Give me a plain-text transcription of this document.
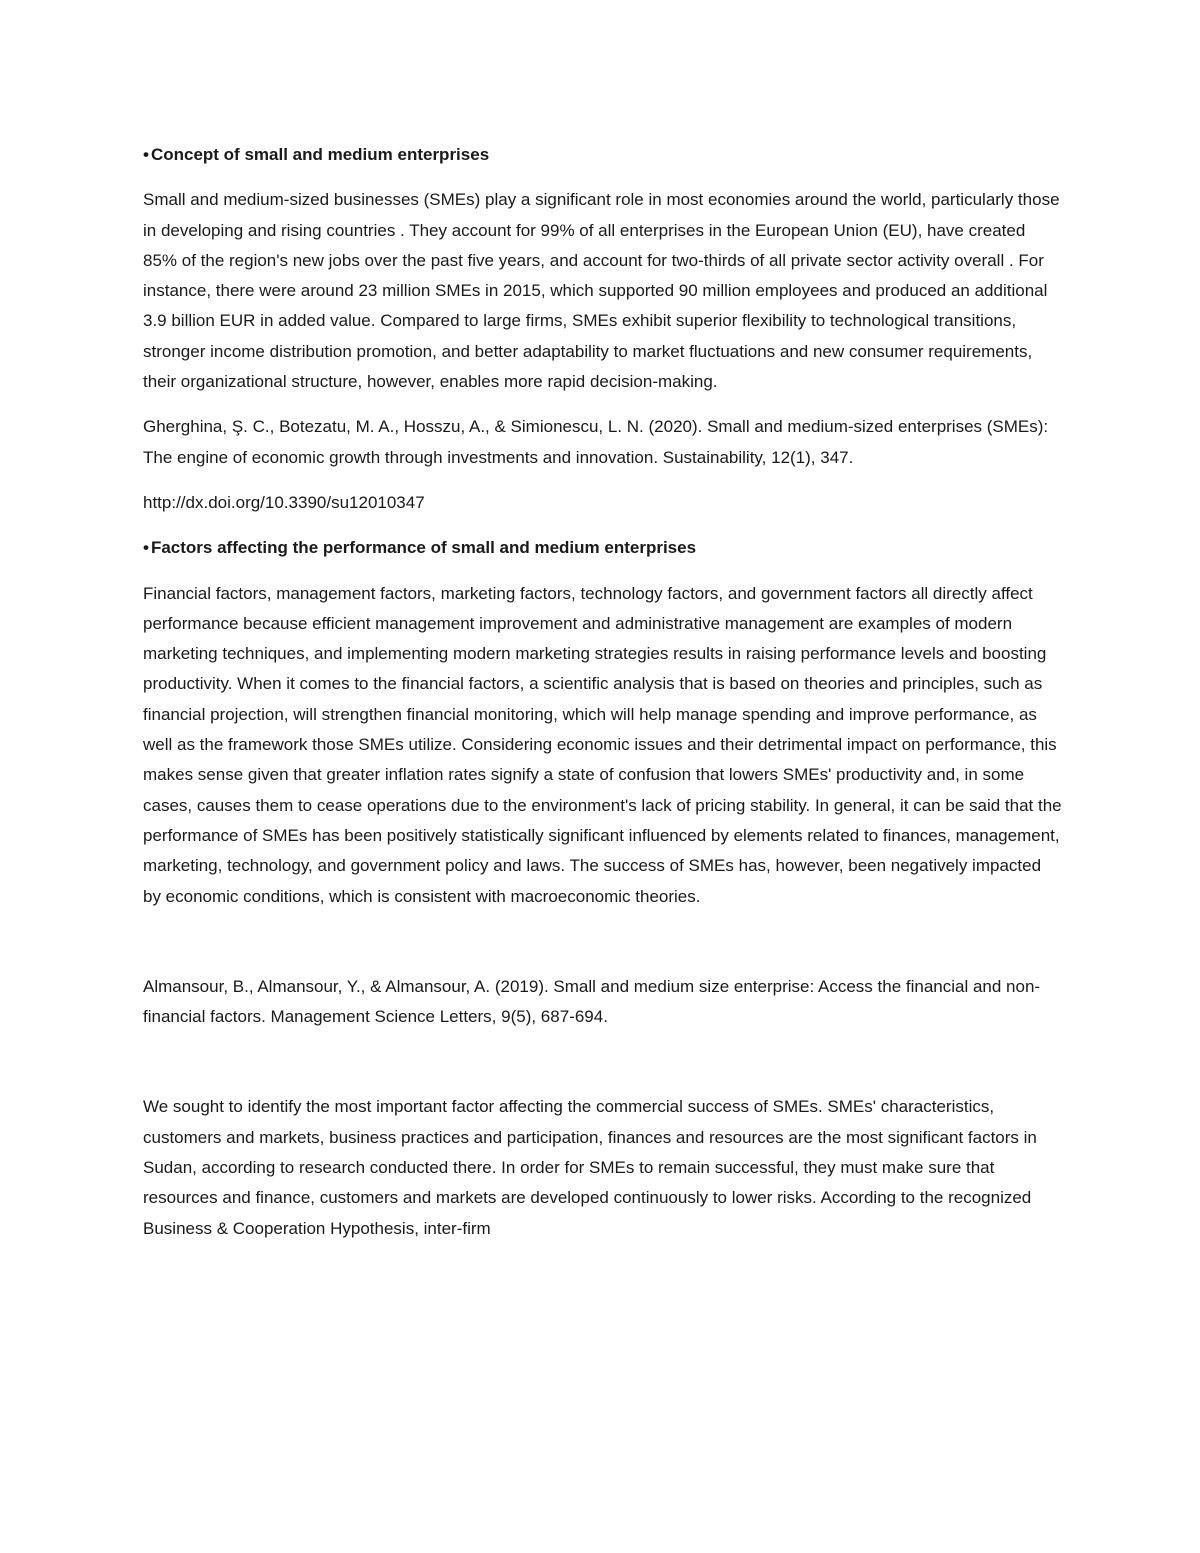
• Concept of small and medium enterprises

Small and medium-sized businesses (SMEs) play a significant role in most economies around the world, particularly those in developing and rising countries . They account for 99% of all enterprises in the European Union (EU), have created 85% of the region's new jobs over the past five years, and account for two-thirds of all private sector activity overall . For instance, there were around 23 million SMEs in 2015, which supported 90 million employees and produced an additional 3.9 billion EUR in added value. Compared to large firms, SMEs exhibit superior flexibility to technological transitions, stronger income distribution promotion, and better adaptability to market fluctuations and new consumer requirements, their organizational structure, however, enables more rapid decision-making.

Gherghina, Ş. C., Botezatu, M. A., Hosszu, A., & Simionescu, L. N. (2020). Small and medium-sized enterprises (SMEs): The engine of economic growth through investments and innovation. Sustainability, 12(1), 347.

http://dx.doi.org/10.3390/su12010347

• Factors affecting the performance of small and medium enterprises

Financial factors, management factors, marketing factors, technology factors, and government factors all directly affect performance because efficient management improvement and administrative management are examples of modern marketing techniques, and implementing modern marketing strategies results in raising performance levels and boosting productivity. When it comes to the financial factors, a scientific analysis that is based on theories and principles, such as financial projection, will strengthen financial monitoring, which will help manage spending and improve performance, as well as the framework those SMEs utilize. Considering economic issues and their detrimental impact on performance, this makes sense given that greater inflation rates signify a state of confusion that lowers SMEs' productivity and, in some cases, causes them to cease operations due to the environment's lack of pricing stability. In general, it can be said that the performance of SMEs has been positively statistically significant influenced by elements related to finances, management, marketing, technology, and government policy and laws. The success of SMEs has, however, been negatively impacted by economic conditions, which is consistent with macroeconomic theories.

Almansour, B., Almansour, Y., & Almansour, A. (2019). Small and medium size enterprise: Access the financial and non-financial factors. Management Science Letters, 9(5), 687-694.

We sought to identify the most important factor affecting the commercial success of SMEs. SMEs' characteristics, customers and markets, business practices and participation, finances and resources are the most significant factors in Sudan, according to research conducted there. In order for SMEs to remain successful, they must make sure that resources and finance, customers and markets are developed continuously to lower risks. According to the recognized Business & Cooperation Hypothesis, inter-firm
